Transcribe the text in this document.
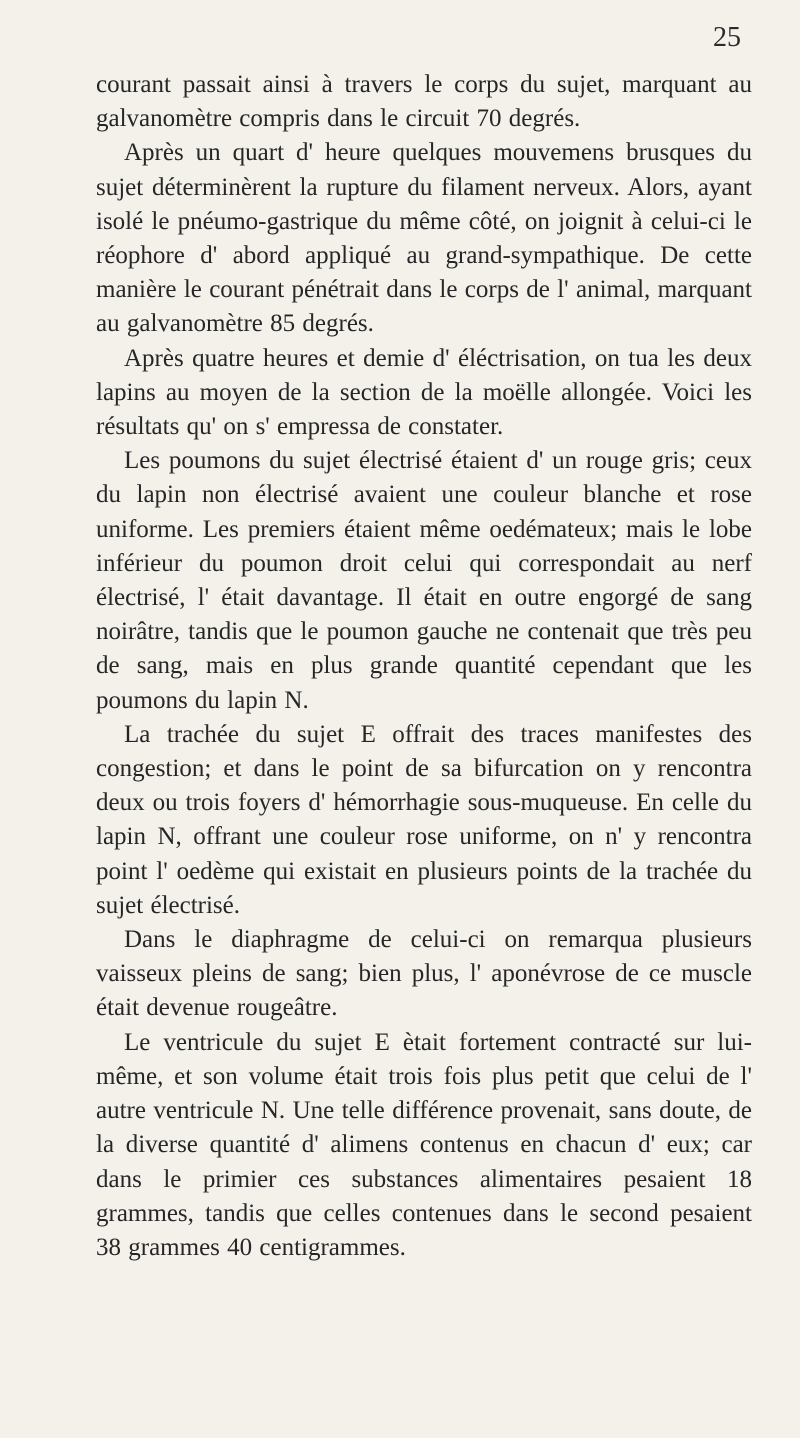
25

courant passait ainsi à travers le corps du sujet, marquant au galvanomètre compris dans le circuit 70 degrés.

Après un quart d' heure quelques mouvemens brusques du sujet déterminèrent la rupture du filament nerveux. Alors, ayant isolé le pnéumo-gastrique du même côté, on joignit à celui-ci le réophore d' abord appliqué au grand-sympathique. De cette manière le courant pénétrait dans le corps de l' animal, marquant au galvanomètre 85 degrés.

Après quatre heures et demie d' éléctrisation, on tua les deux lapins au moyen de la section de la moëlle allongée. Voici les résultats qu' on s' empressa de constater.

Les poumons du sujet électrisé étaient d' un rouge gris; ceux du lapin non électrisé avaient une couleur blanche et rose uniforme. Les premiers étaient même oedémateux; mais le lobe inférieur du poumon droit celui qui correspondait au nerf électrisé, l' était davantage. Il était en outre engorgé de sang noirâtre, tandis que le poumon gauche ne contenait que très peu de sang, mais en plus grande quantité cependant que les poumons du lapin N.

La trachée du sujet E offrait des traces manifestes des congestion; et dans le point de sa bifurcation on y rencontra deux ou trois foyers d' hémorrhagie sous-muqueuse. En celle du lapin N, offrant une couleur rose uniforme, on n' y rencontra point l' oedème qui existait en plusieurs points de la trachée du sujet électrisé.

Dans le diaphragme de celui-ci on remarqua plusieurs vaisseux pleins de sang; bien plus, l' aponévrose de ce muscle était devenue rougeâtre.

Le ventricule du sujet E ètait fortement contracté sur lui-même, et son volume était trois fois plus petit que celui de l' autre ventricule N. Une telle différence provenait, sans doute, de la diverse quantité d' alimens contenus en chacun d' eux; car dans le primier ces substances alimentaires pesaient 18 grammes, tandis que celles contenues dans le second pesaient 38 grammes 40 centigrammes.
